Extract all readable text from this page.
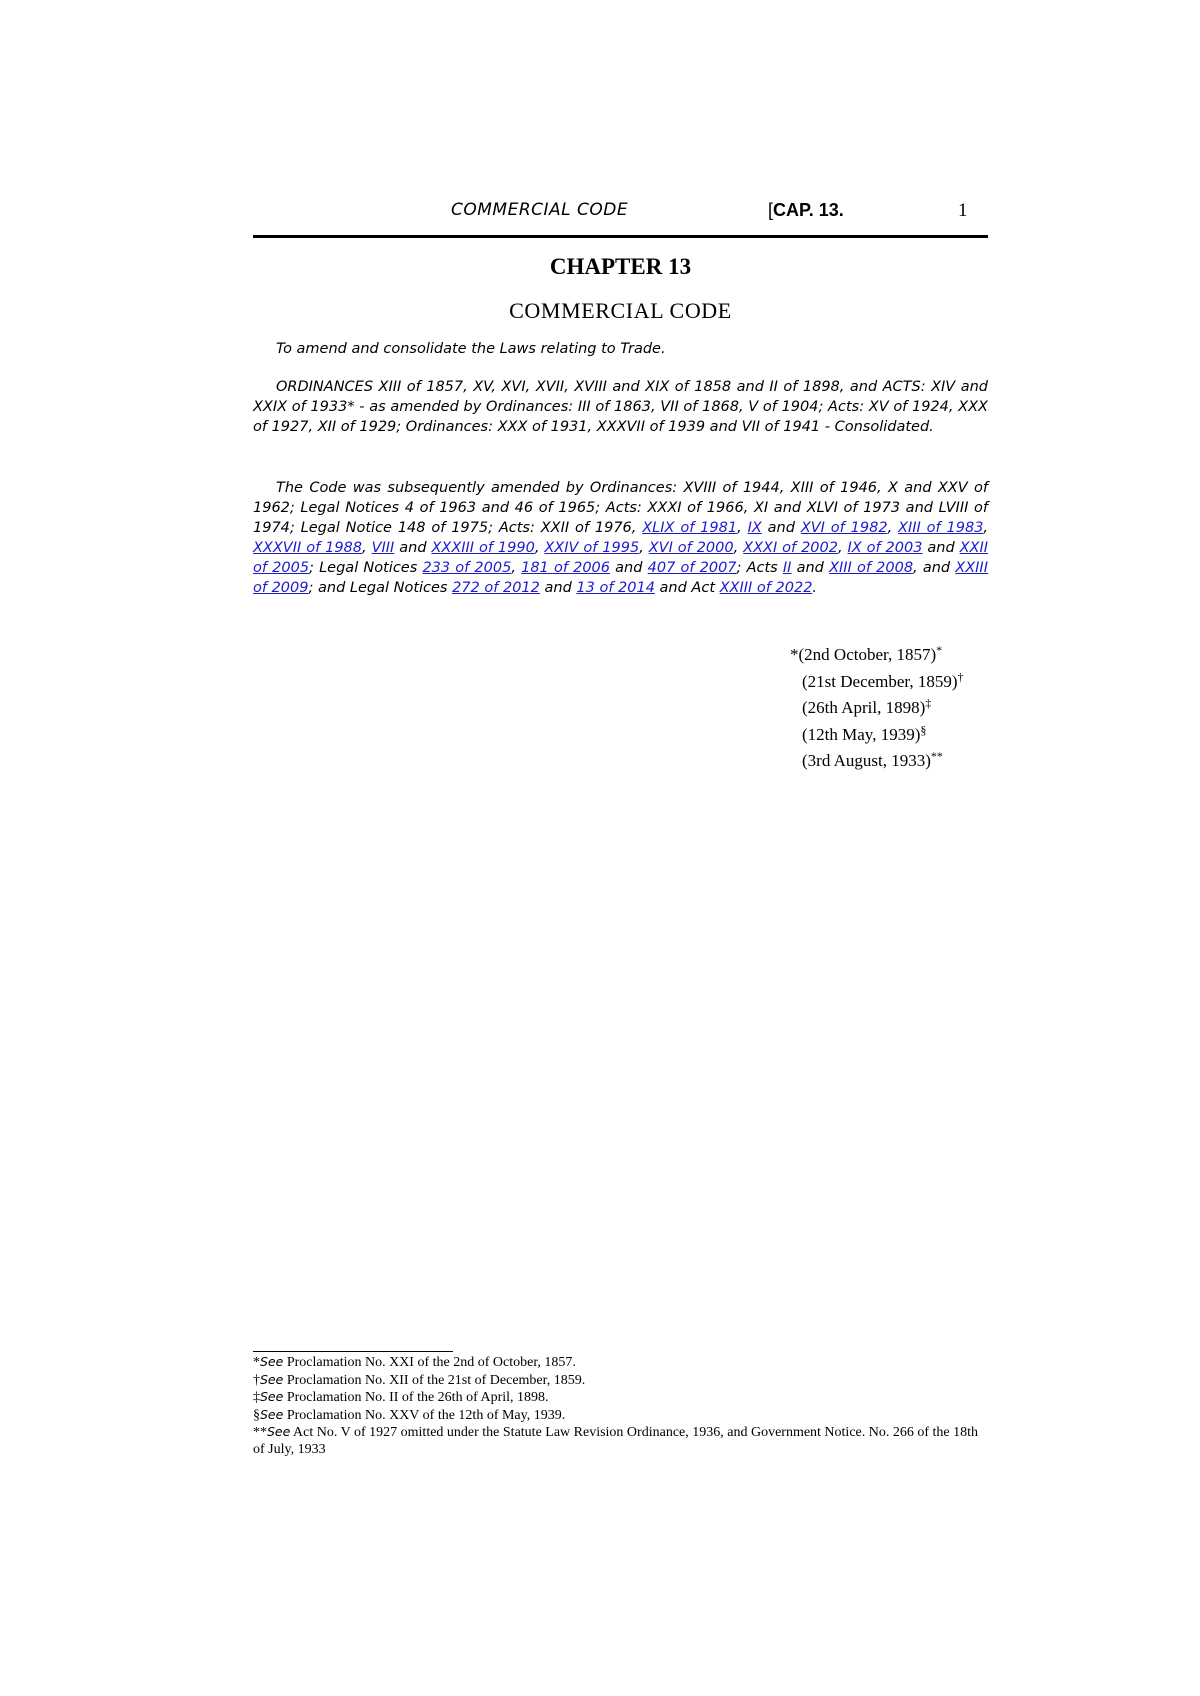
COMMERCIAL CODE	[CAP. 13.	1
CHAPTER 13
COMMERCIAL CODE
To amend and consolidate the Laws relating to Trade.
ORDINANCES XIII of 1857, XV, XVI, XVII, XVIII and XIX of 1858 and II of 1898, and ACTS: XIV and XXIX of 1933* - as amended by Ordinances: III of 1863, VII of 1868, V of 1904; Acts: XV of 1924, XXX of 1927, XII of 1929; Ordinances: XXX of 1931, XXXVII of 1939 and VII of 1941 - Consolidated.
The Code was subsequently amended by Ordinances: XVIII of 1944, XIII of 1946, X and XXV of 1962; Legal Notices 4 of 1963 and 46 of 1965; Acts: XXXI of 1966, XI and XLVI of 1973 and LVIII of 1974; Legal Notice 148 of 1975; Acts: XXII of 1976, XLIX of 1981, IX and XVI of 1982, XIII of 1983, XXXVII of 1988, VIII and XXXIII of 1990, XXIV of 1995, XVI of 2000, XXXI of 2002, IX of 2003 and XXII of 2005; Legal Notices 233 of 2005, 181 of 2006 and 407 of 2007; Acts II and XIII of 2008, and XXIII of 2009; and Legal Notices 272 of 2012 and 13 of 2014 and Act XXIII of 2022.
*(2nd October, 1857)*
(21st December, 1859)†
(26th April, 1898)‡
(12th May, 1939)§
(3rd August, 1933)**
*See Proclamation No. XXI of the 2nd of October, 1857.
†See Proclamation No. XII of the 21st of December, 1859.
‡See Proclamation No. II of the 26th of April, 1898.
§See Proclamation No. XXV of the 12th of May, 1939.
**See Act No. V of 1927 omitted under the Statute Law Revision Ordinance, 1936, and Government Notice. No. 266 of the 18th of July, 1933
